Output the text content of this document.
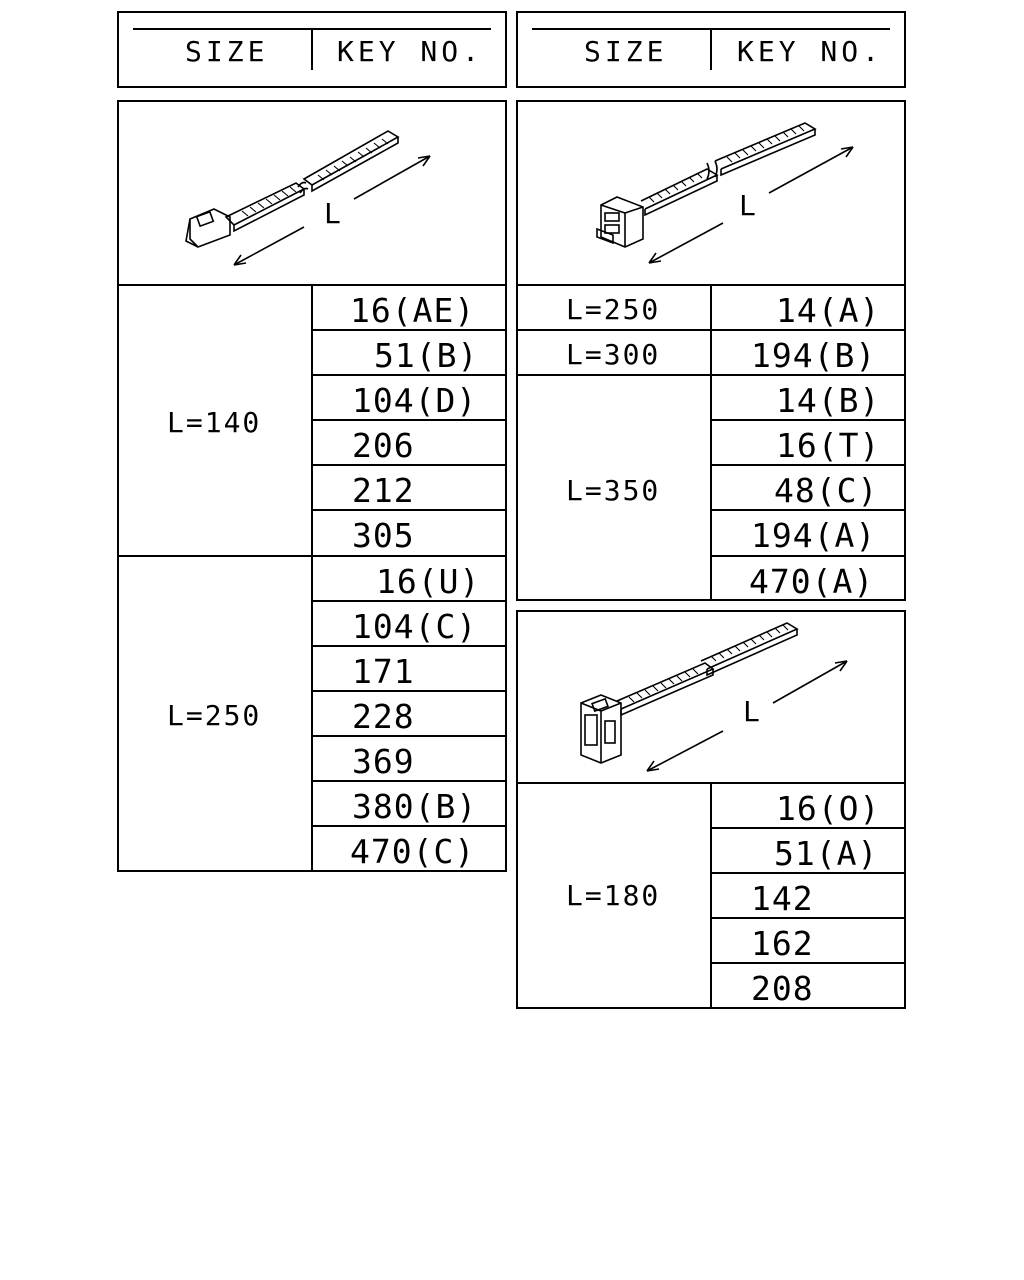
SIZE KEY NO.	SIZE KEY NO.
L
L=140
L=250
16(AE)
51(B)
104(D)
206
212
305
16(U)
104(C)
171
228
369
380(B)
470(C)
L
L=250
L=300
L=350
14(A)
194(B)
14(B)
16(T)
48(C)
194(A)
470(A)
L
L=180
16(O)
51(A)
142
162
208
